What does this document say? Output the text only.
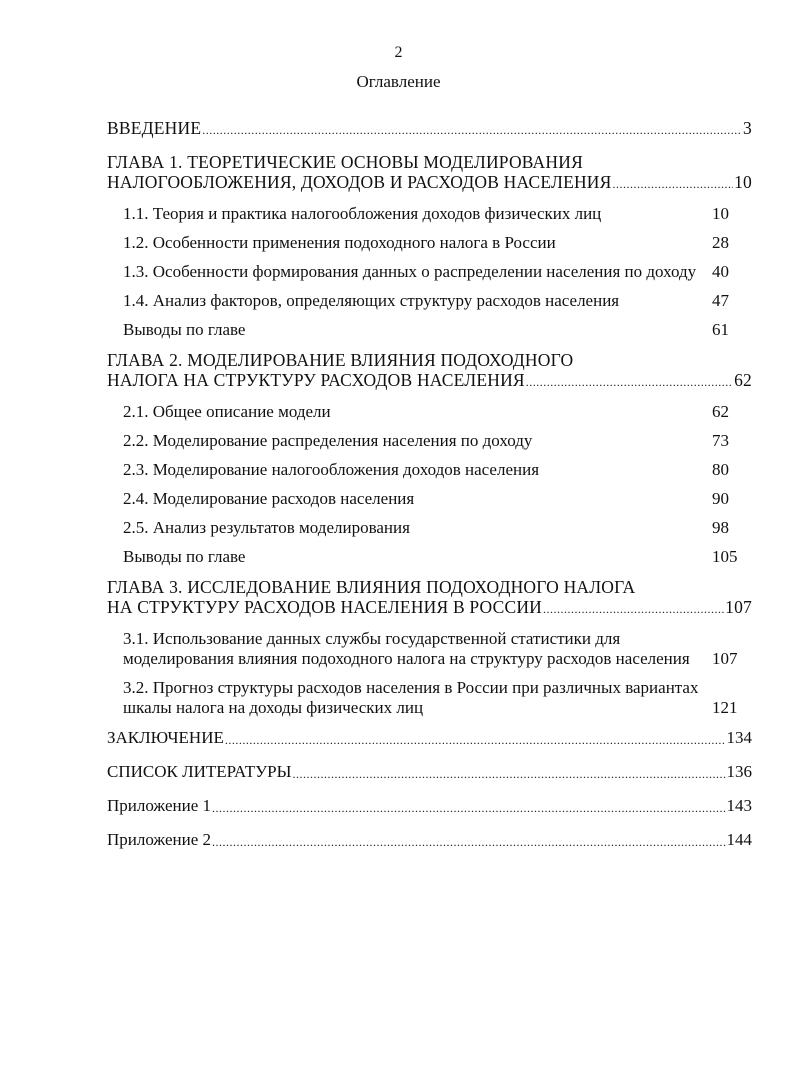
2
Оглавление
ВВЕДЕНИЕ .....	3
ГЛАВА 1. ТЕОРЕТИЧЕСКИЕ ОСНОВЫ МОДЕЛИРОВАНИЯ
НАЛОГООБЛОЖЕНИЯ, ДОХОДОВ И РАСХОДОВ НАСЕЛЕНИЯ .....	10
1.1. Теория и практика налогообложения доходов физических лиц	10
1.2. Особенности применения подоходного налога в России	28
1.3. Особенности формирования данных о распределении населения по доходу 40
1.4. Анализ факторов, определяющих структуру расходов населения	47
Выводы по главе	61
ГЛАВА 2. МОДЕЛИРОВАНИЕ ВЛИЯНИЯ ПОДОХОДНОГО
НАЛОГА НА СТРУКТУРУ РАСХОДОВ НАСЕЛЕНИЯ .....	62
2.1. Общее описание модели	62
2.2. Моделирование распределения населения по доходу	73
2.3. Моделирование налогообложения доходов населения	80
2.4. Моделирование расходов населения	90
2.5. Анализ результатов моделирования	98
Выводы по главе	105
ГЛАВА 3. ИССЛЕДОВАНИЕ ВЛИЯНИЯ ПОДОХОДНОГО НАЛОГА
НА СТРУКТУРУ РАСХОДОВ НАСЕЛЕНИЯ В РОССИИ .....	107
3.1. Использование данных службы государственной статистики для моделирования влияния подоходного налога на структуру расходов населения	107
3.2. Прогноз структуры расходов населения в России при различных вариантах шкалы налога на доходы физических лиц	121
ЗАКЛЮЧЕНИЕ .....	134
СПИСОК ЛИТЕРАТУРЫ .....	136
Приложение 1 .....	143
Приложение 2 .....	144
